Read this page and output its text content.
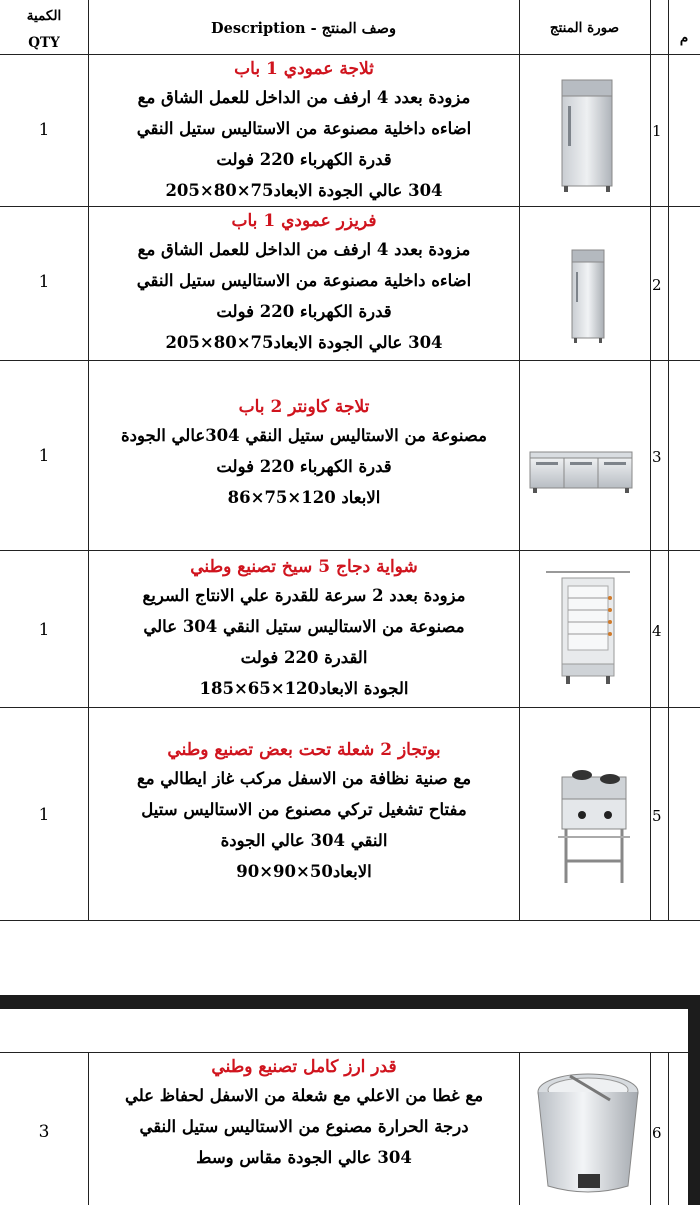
الكمية
QTY
Description - وصف المنتج	صورة المنتج
م
1
ثلاجة عمودي 1 باب
مزودة بعدد 4 ارفف من الداخل للعمل الشاق مع
اضاءه داخلية مصنوعة من الاستاليس ستيل النقي
قدرة الكهرباء 220 فولت
304 عالي الجودة الابعاد75×80×205
1
1
فريزر عمودي 1 باب
مزودة بعدد 4 ارفف من الداخل للعمل الشاق مع
اضاءه داخلية مصنوعة من الاستاليس ستيل النقي
قدرة الكهرباء 220 فولت
304 عالي الجودة الابعاد75×80×205
2
1
تلاجة كاونتر 2 باب
مصنوعة من الاستاليس ستيل النقي 304عالي الجودة
قدرة الكهرباء 220 فولت
الابعاد 120×75×86
3
1
شواية دجاج 5 سيخ تصنيع وطني
مزودة بعدد 2 سرعة للقدرة علي الانتاج السريع
مصنوعة من الاستاليس ستيل النقي 304 عالي
القدرة 220 فولت
الجودة الابعاد120×65×185
4
1
بوتجاز 2 شعلة تحت بعض تصنيع وطني
مع صنية نظافة من الاسفل مركب غاز ايطالي مع
مفتاح تشغيل تركي مصنوع من الاستاليس ستيل
النقي 304 عالي الجودة
الابعاد50×90×90
5
3
قدر ارز كامل تصنيع وطني
مع غطا من الاعلي مع شعلة من الاسفل لحفاظ علي
درجة الحرارة مصنوع من الاستاليس ستيل النقي
304 عالي الجودة مقاس وسط
6
